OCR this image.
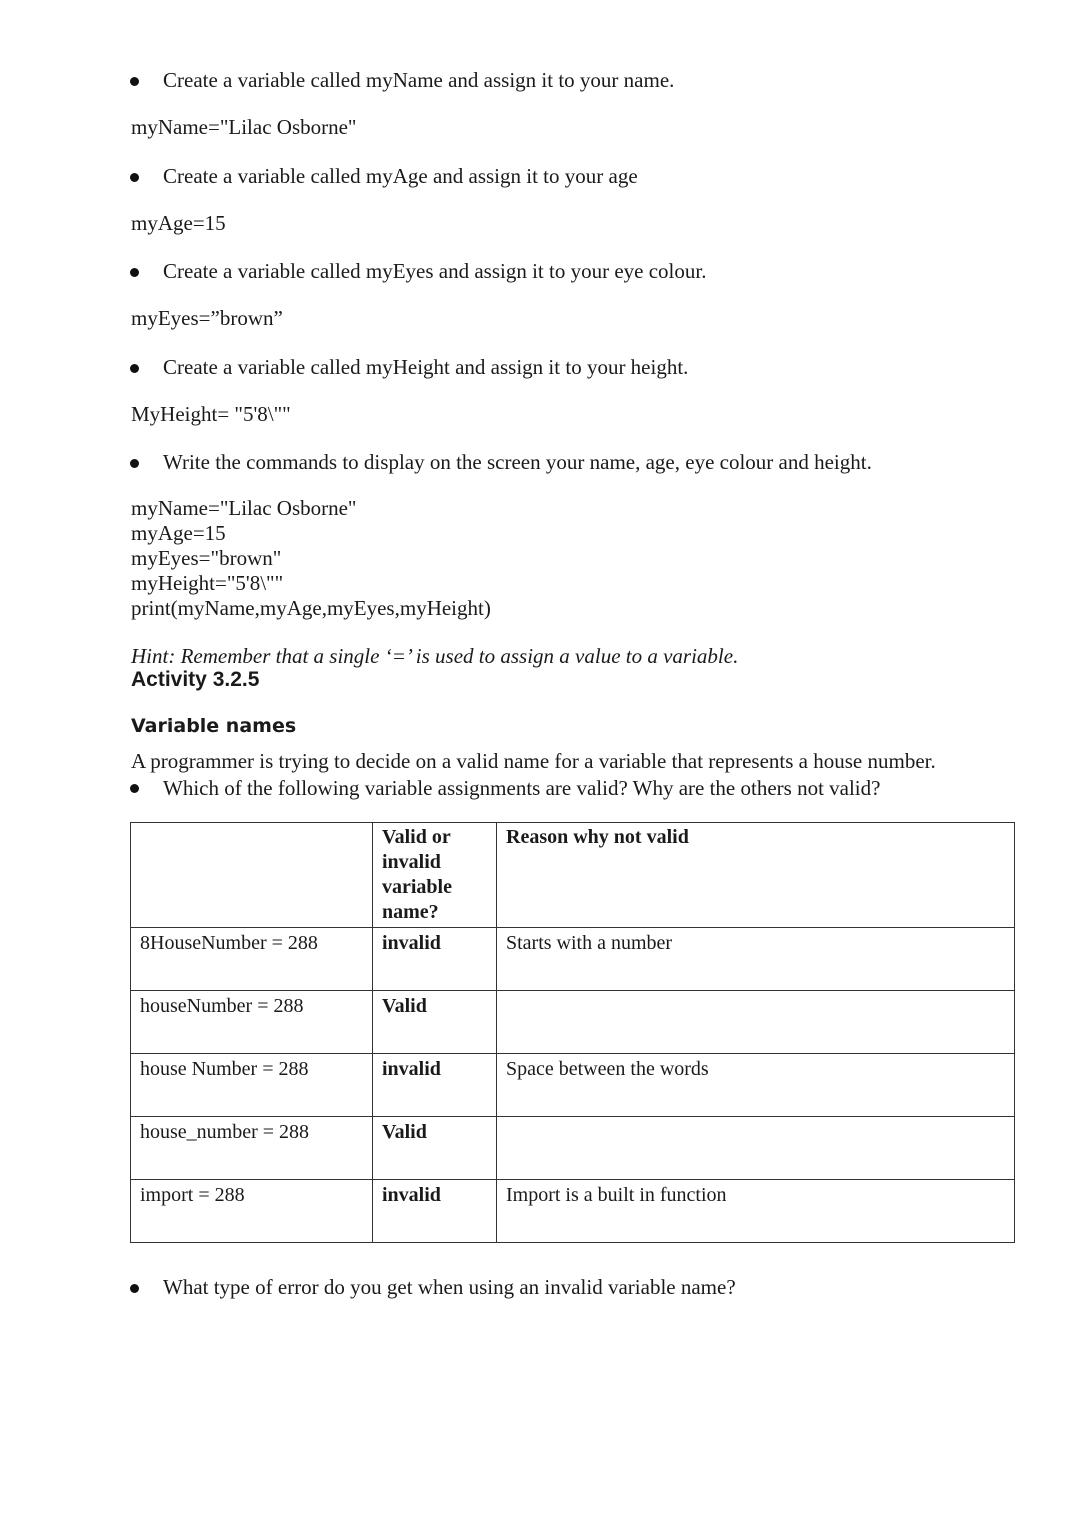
Create a variable called myName and assign it to your name.
myName="Lilac Osborne"
Create a variable called myAge and assign it to your age
myAge=15
Create a variable called myEyes and assign it to your eye colour.
myEyes=”brown”
Create a variable called myHeight and assign it to your height.
MyHeight= "5'8\""
Write the commands to display on the screen your name, age, eye colour and height.
myName="Lilac Osborne"
myAge=15
myEyes="brown"
myHeight="5'8\""
print(myName,myAge,myEyes,myHeight)
Hint: Remember that a single ‘=’ is used to assign a value to a variable.
Activity 3.2.5
Variable names
A programmer is trying to decide on a valid name for a variable that represents a house number.
Which of the following variable assignments are valid? Why are the others not valid?
	Valid or invalid variable name?	Reason why not valid
8HouseNumber = 288	invalid	Starts with a number
houseNumber = 288	Valid	
house Number = 288	invalid	Space between the words
house_number = 288	Valid	
import = 288	invalid	Import is a built in function
What type of error do you get when using an invalid variable name?
